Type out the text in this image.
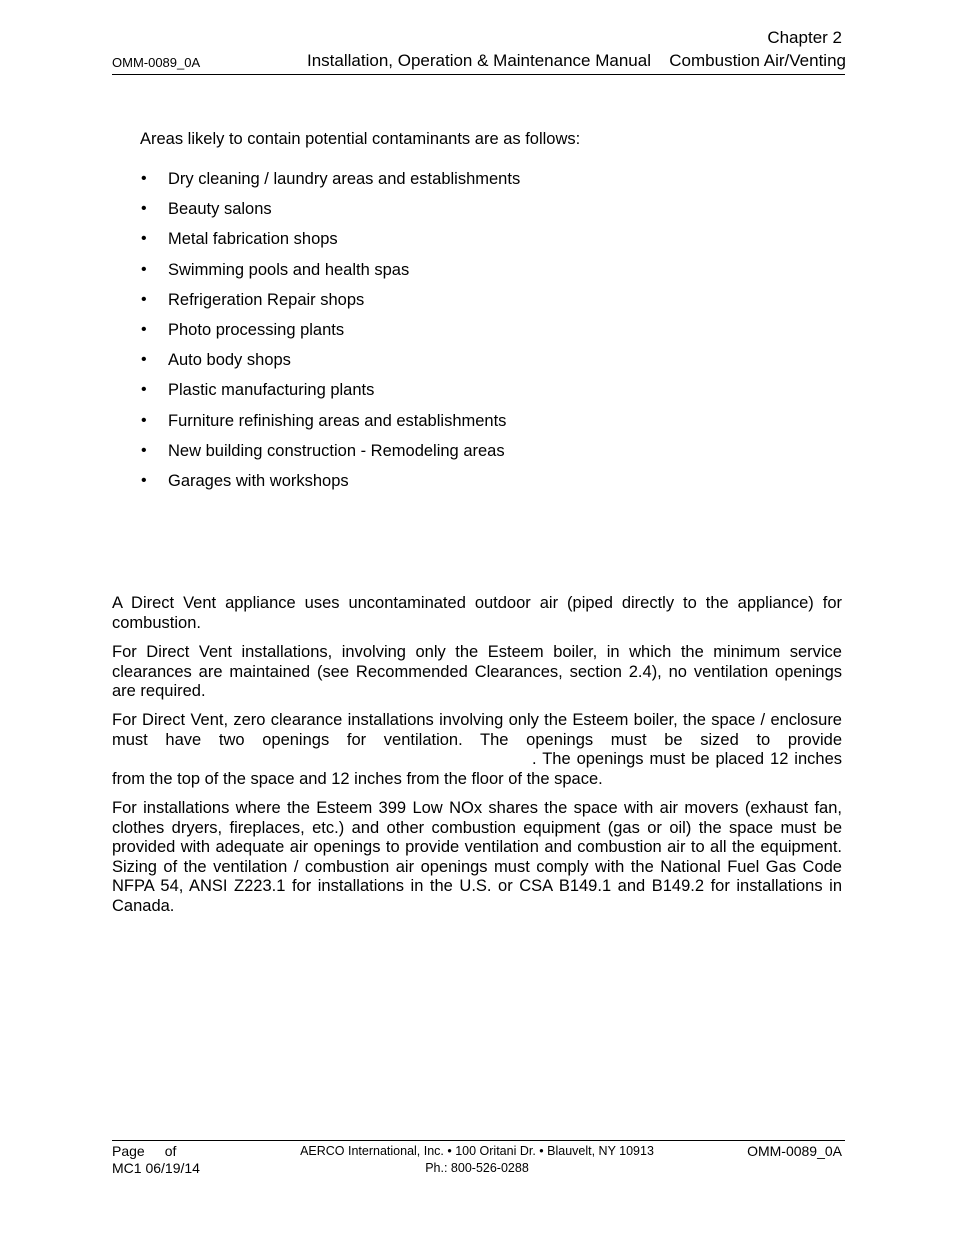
Chapter 2
OMM-0089_0A	Installation, Operation & Maintenance Manual Combustion Air/Venting
Areas likely to contain potential contaminants are as follows:
• Dry cleaning / laundry areas and establishments
• Beauty salons
• Metal fabrication shops
• Swimming pools and health spas
• Refrigeration Repair shops
• Photo processing plants
• Auto body shops
• Plastic manufacturing plants
• Furniture refinishing areas and establishments
• New building construction - Remodeling areas
• Garages with workshops
A Direct Vent appliance uses uncontaminated outdoor air (piped directly to the appliance) for combustion.
For Direct Vent installations, involving only the Esteem boiler, in which the minimum service clearances are maintained (see Recommended Clearances, section 2.4), no ventilation openings are required.
For Direct Vent, zero clearance installations involving only the Esteem boiler, the space / enclosure must have two openings for ventilation. The openings must be sized to provide. The openings must be placed 12 inches from the top of the space and 12 inches from the floor of the space.
For installations where the Esteem 399 Low NOx shares the space with air movers (exhaust fan, clothes dryers, fireplaces, etc.) and other combustion equipment (gas or oil) the space must be provided with adequate air openings to provide ventilation and combustion air to all the equipment. Sizing of the ventilation / combustion air openings must comply with the National Fuel Gas Code NFPA 54, ANSI Z223.1 for installations in the U.S. or CSA B149.1 and B149.2 for installations in Canada.
Page of
MC1 06/19/14
AERCO International, Inc. • 100 Oritani Dr. • Blauvelt, NY 10913
Ph.: 800-526-0288
OMM-0089_0A
